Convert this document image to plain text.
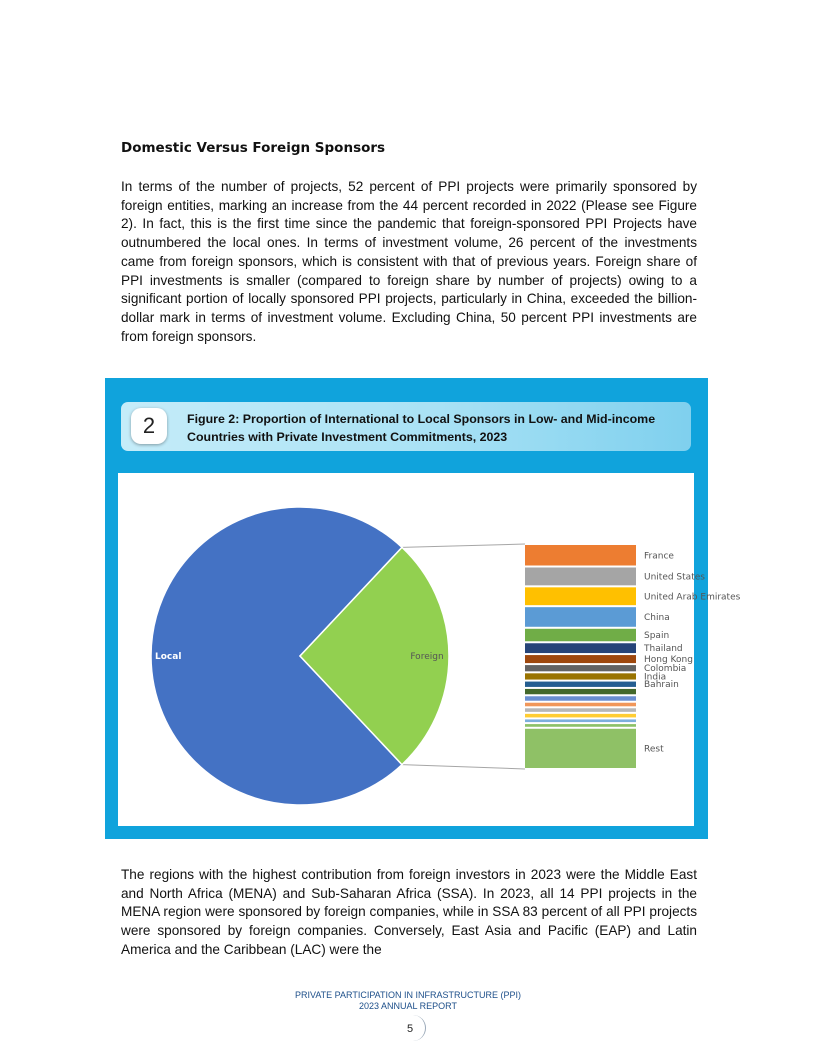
Domestic Versus Foreign Sponsors

In terms of the number of projects, 52 percent of PPI projects were primarily sponsored by foreign entities, marking an increase from the 44 percent recorded in 2022 (Please see Figure 2). In fact, this is the first time since the pandemic that foreign-sponsored PPI Projects have outnumbered the local ones. In terms of investment volume, 26 percent of the investments came from foreign sponsors, which is consistent with that of previous years. Foreign share of PPI investments is smaller (compared to foreign share by number of projects) owing to a significant portion of locally sponsored PPI projects, particularly in China, exceeded the billion-dollar mark in terms of investment volume. Excluding China, 50 percent PPI investments are from foreign sponsors.

2	Figure 2: Proportion of International to Local Sponsors in Low- and Mid-income Countries with Private Investment Commitments, 2023
Local	Foreign
France
United States
United Arab Emirates
China
Spain
Thailand
Hong Kong
Colombia
India
Bahrain
Rest

The regions with the highest contribution from foreign investors in 2023 were the Middle East and North Africa (MENA) and Sub-Saharan Africa (SSA). In 2023, all 14 PPI projects in the MENA region were sponsored by foreign companies, while in SSA 83 percent of all PPI projects were sponsored by foreign companies. Conversely, East Asia and Pacific (EAP) and Latin America and the Caribbean (LAC) were the

PRIVATE PARTICIPATION IN INFRASTRUCTURE (PPI)
2023 ANNUAL REPORT
5
